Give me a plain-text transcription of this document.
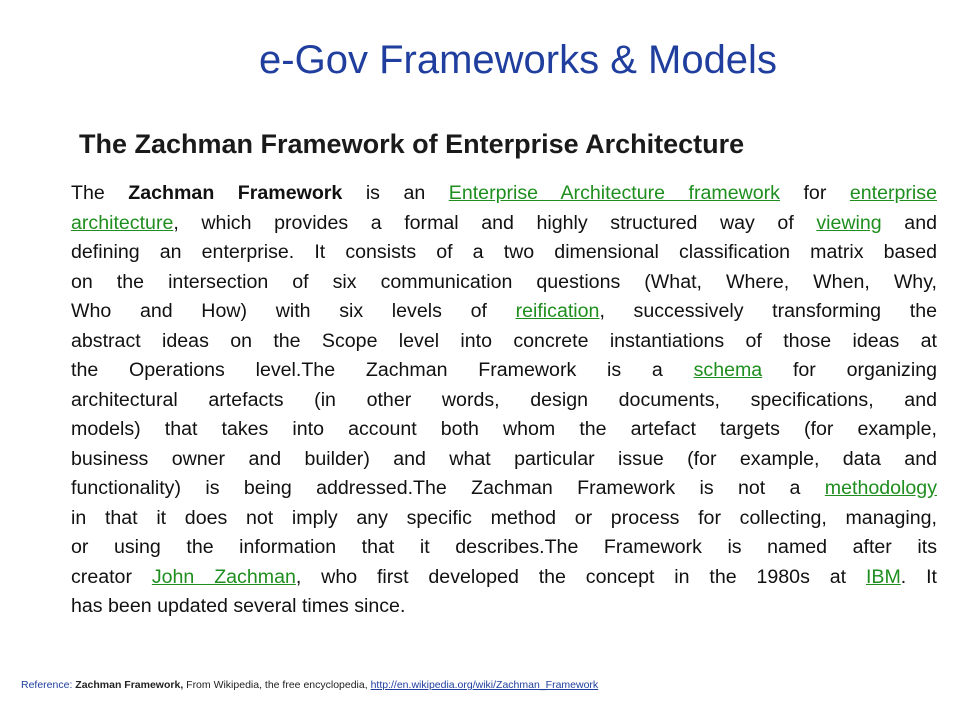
e-Gov Frameworks & Models
The Zachman Framework of Enterprise Architecture
The Zachman Framework is an Enterprise Architecture framework for enterprise
architecture, which provides a formal and highly structured way of viewing and
defining an enterprise. It consists of a two dimensional classification matrix based
on the intersection of six communication questions (What, Where, When, Why,
Who and How) with six levels of reification, successively transforming the
abstract ideas on the Scope level into concrete instantiations of those ideas at
the Operations level.The Zachman Framework is a schema for organizing
architectural artefacts (in other words, design documents, specifications, and
models) that takes into account both whom the artefact targets (for example,
business owner and builder) and what particular issue (for example, data and
functionality) is being addressed.The Zachman Framework is not a methodology
in that it does not imply any specific method or process for collecting, managing,
or using the information that it describes.The Framework is named after its
creator John Zachman, who first developed the concept in the 1980s at IBM. It
has been updated several times since.

Reference: Zachman Framework, From Wikipedia, the free encyclopedia, http://en.wikipedia.org/wiki/Zachman_Framework
